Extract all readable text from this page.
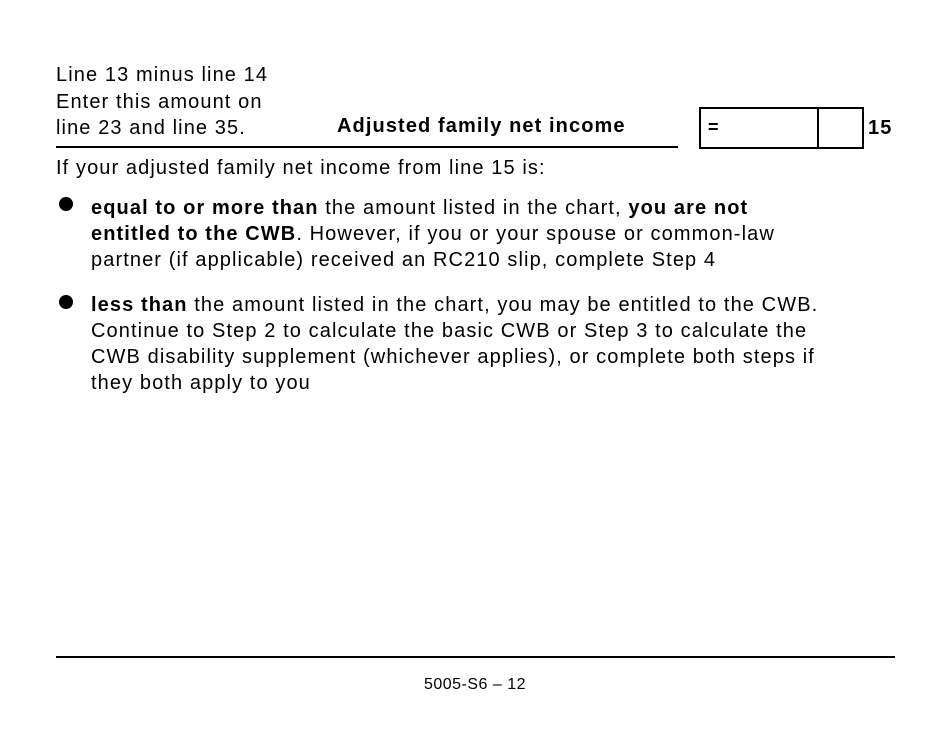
Line 13 minus line 14
Enter this amount on
line 23 and line 35.	Adjusted family net income	=	15
If your adjusted family net income from line 15 is:
equal to or more than the amount listed in the chart, you are not
entitled to the CWB. However, if you or your spouse or common-law
partner (if applicable) received an RC210 slip, complete Step 4
less than the amount listed in the chart, you may be entitled to the CWB.
Continue to Step 2 to calculate the basic CWB or Step 3 to calculate the
CWB disability supplement (whichever applies), or complete both steps if
they both apply to you
5005-S6 – 12
